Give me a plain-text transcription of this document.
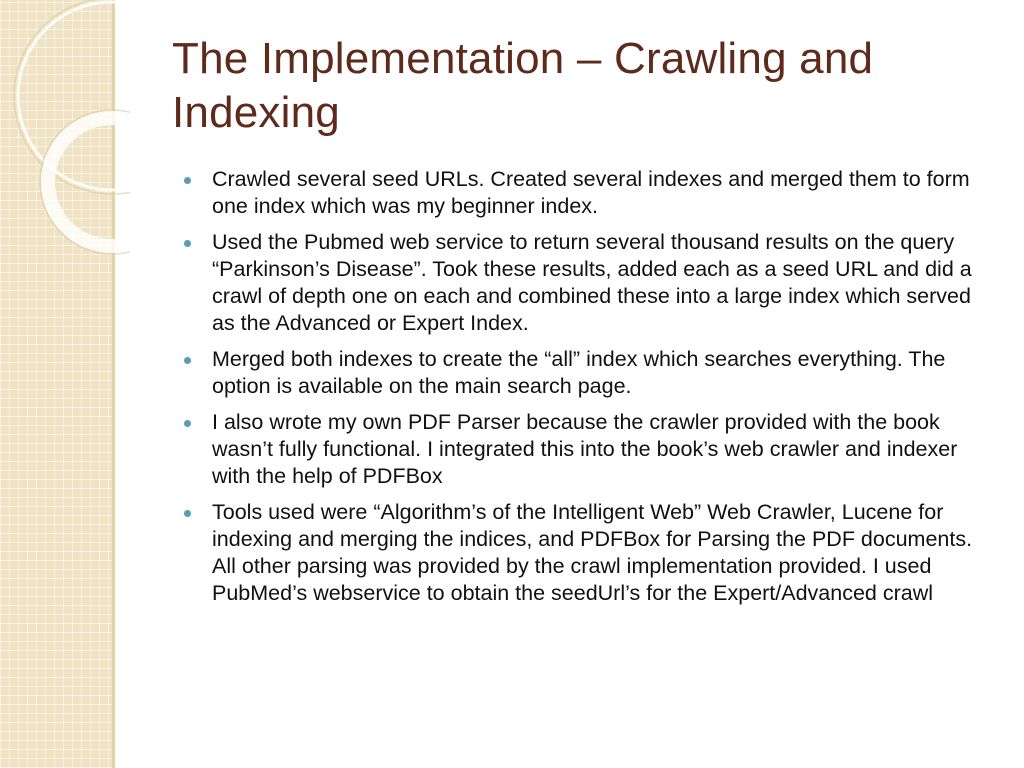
The Implementation – Crawling and Indexing
Crawled several seed URLs. Created several indexes and merged them to form one index which was my beginner index.
Used the Pubmed web service to return several thousand results on the query “Parkinson’s Disease”. Took these results, added each as a seed URL and did a crawl of depth one on each and combined these into a large index which served as the Advanced or Expert Index.
Merged both indexes to create the “all” index which searches everything. The option is available on the main search page.
I also wrote my own PDF Parser because the crawler provided with the book wasn’t fully functional. I integrated this into the book’s web crawler and indexer with the help of PDFBox
Tools used were “Algorithm’s of the Intelligent Web” Web Crawler, Lucene for indexing and merging the indices, and PDFBox for Parsing the PDF documents. All other parsing was provided by the crawl implementation provided. I used PubMed’s webservice to obtain the seedUrl’s for the Expert/Advanced crawl
